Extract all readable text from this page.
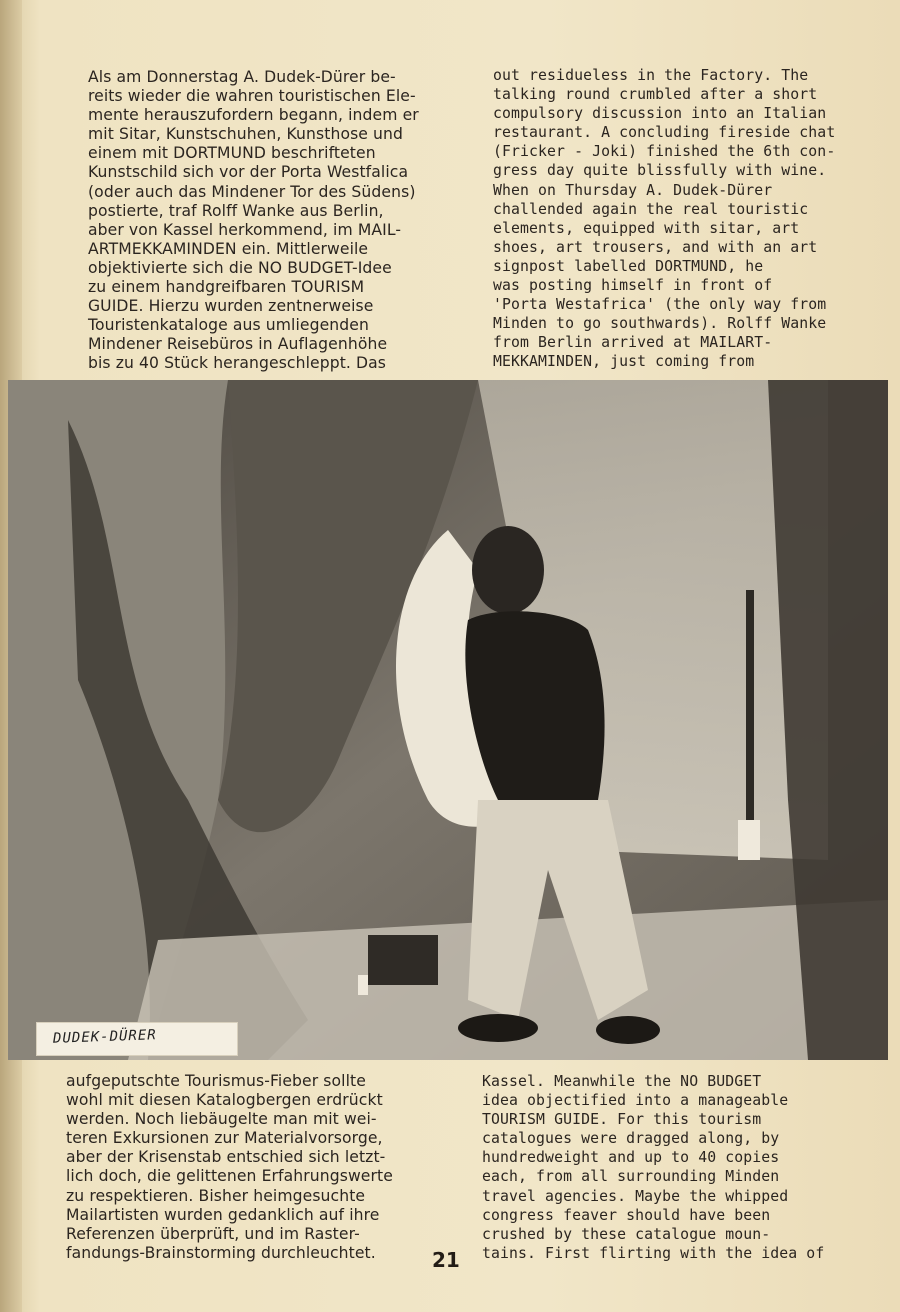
Als am Donnerstag A. Dudek-Dürer be-
reits wieder die wahren touristischen Ele-
mente herauszufordern begann, indem er
mit Sitar, Kunstschuhen, Kunsthose und
einem mit DORTMUND beschrifteten
Kunstschild sich vor der Porta Westfalica
(oder auch das Mindener Tor des Südens)
postierte, traf Rolff Wanke aus Berlin,
aber von Kassel herkommend, im MAIL-
ARTMEKKAMINDEN ein. Mittlerweile
objektivierte sich die NO BUDGET-Idee
zu einem handgreifbaren TOURISM
GUIDE. Hierzu wurden zentnerweise
Touristenkataloge aus umliegenden
Mindener Reisebüros in Auflagenhöhe
bis zu 40 Stück herangeschleppt. Das
out residueless in the Factory. The
talking round crumbled after a short
compulsory discussion into an Italian
restaurant. A concluding fireside chat
(Fricker - Joki) finished the 6th con-
gress day quite blissfully with wine.
When on Thursday A. Dudek-Dürer
challended again the real touristic
elements, equipped with sitar, art
shoes, art trousers, and with an art
signpost labelled DORTMUND, he
was posting himself in front of
'Porta Westafrica' (the only way from
Minden to go southwards). Rolff Wanke
from Berlin arrived at MAILART-
MEKKAMINDEN, just coming from
DUDEK-DÜRER
aufgeputschte Tourismus-Fieber sollte
wohl mit diesen Katalogbergen erdrückt
werden. Noch liebäugelte man mit wei-
teren Exkursionen zur Materialvorsorge,
aber der Krisenstab entschied sich letzt-
lich doch, die gelittenen Erfahrungswerte
zu respektieren. Bisher heimgesuchte
Mailartisten wurden gedanklich auf ihre
Referenzen überprüft, und im Raster-
fandungs-Brainstorming durchleuchtet.
Kassel. Meanwhile the NO BUDGET
idea objectified into a manageable
TOURISM GUIDE. For this tourism
catalogues were dragged along, by
hundredweight and up to 40 copies
each, from all surrounding Minden
travel agencies. Maybe the whipped
congress feaver should have been
crushed by these catalogue moun-
tains. First flirting with the idea of
21
